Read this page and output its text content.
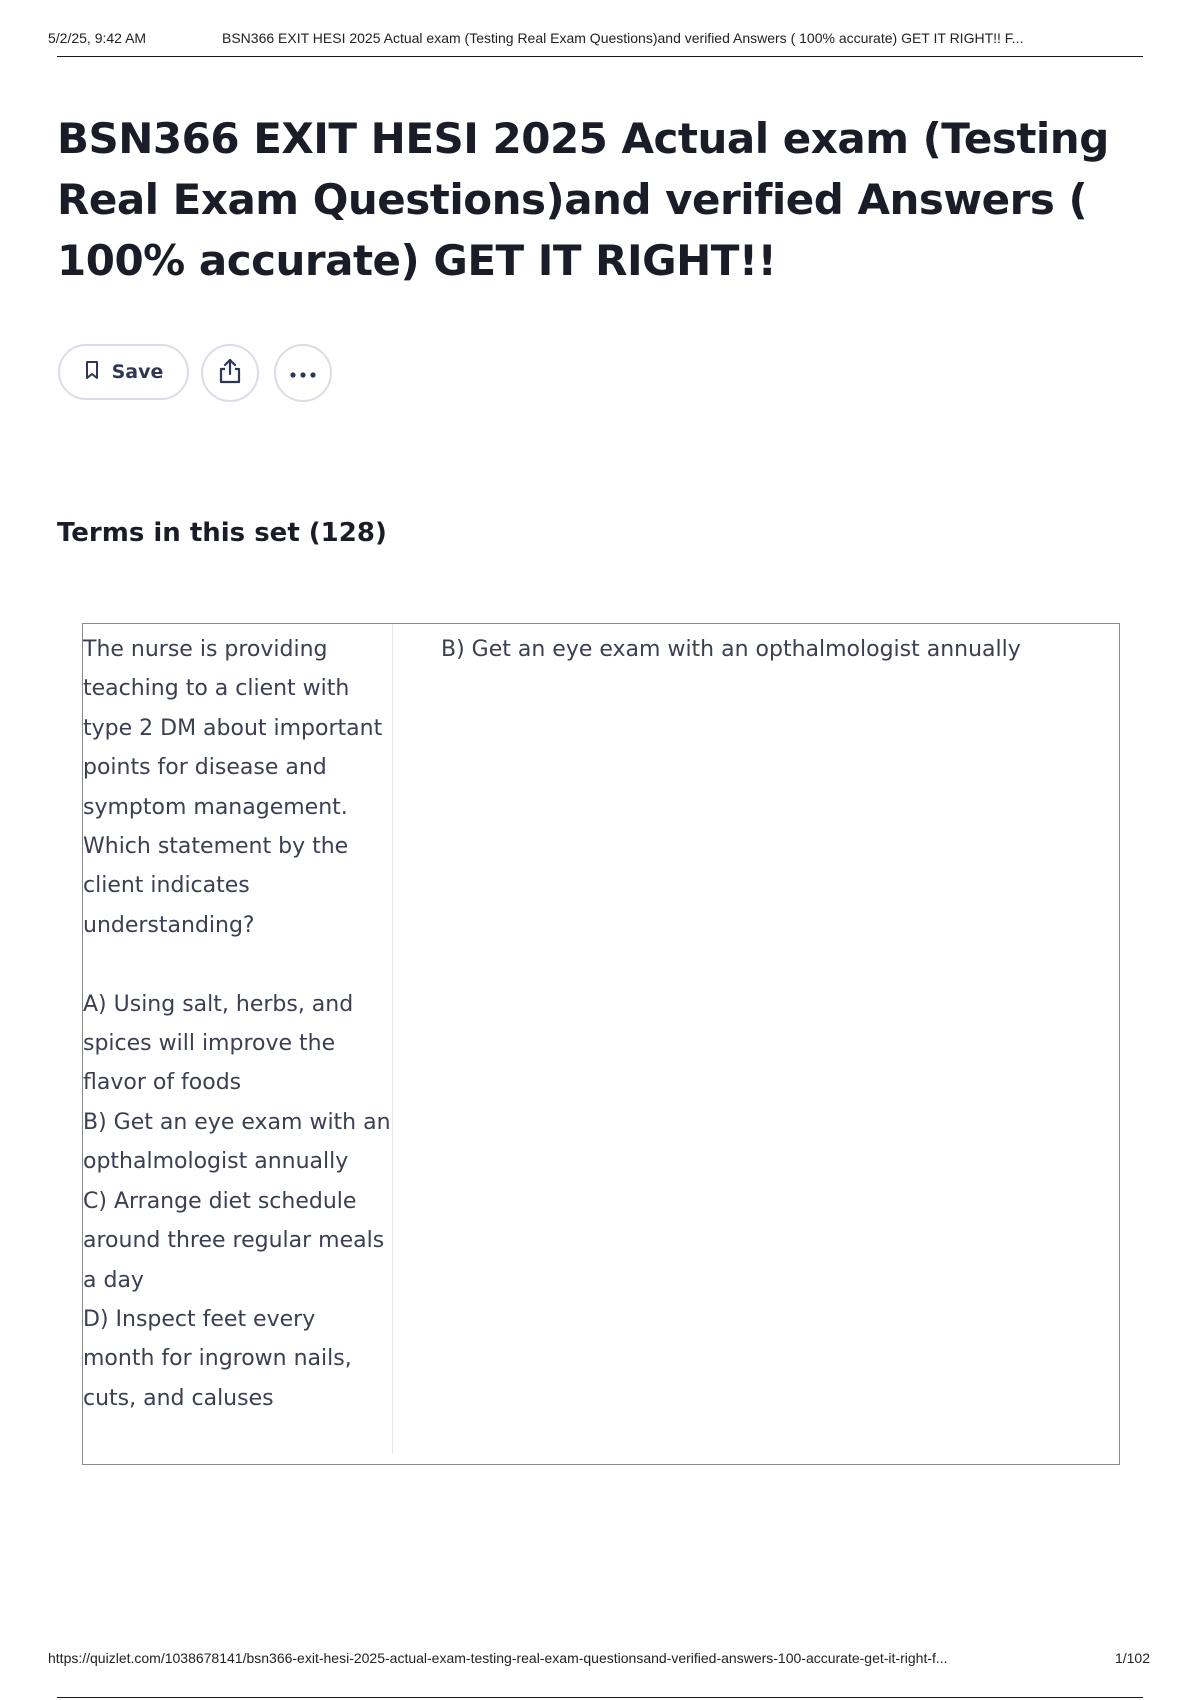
5/2/25, 9:42 AM	BSN366 EXIT HESI 2025 Actual exam (Testing Real Exam Questions)and verified Answers ( 100% accurate) GET IT RIGHT!! F...
BSN366 EXIT HESI 2025 Actual exam (Testing Real Exam Questions)and verified Answers ( 100% accurate) GET IT RIGHT!!
Save
Terms in this set (128)
The nurse is providing teaching to a client with type 2 DM about important points for disease and symptom management. Which statement by the client indicates understanding?

A) Using salt, herbs, and spices will improve the flavor of foods
B) Get an eye exam with an opthalmologist annually
C) Arrange diet schedule around three regular meals a day
D) Inspect feet every month for ingrown nails, cuts, and caluses
B) Get an eye exam with an opthalmologist annually
https://quizlet.com/1038678141/bsn366-exit-hesi-2025-actual-exam-testing-real-exam-questionsand-verified-answers-100-accurate-get-it-right-f...	1/102
